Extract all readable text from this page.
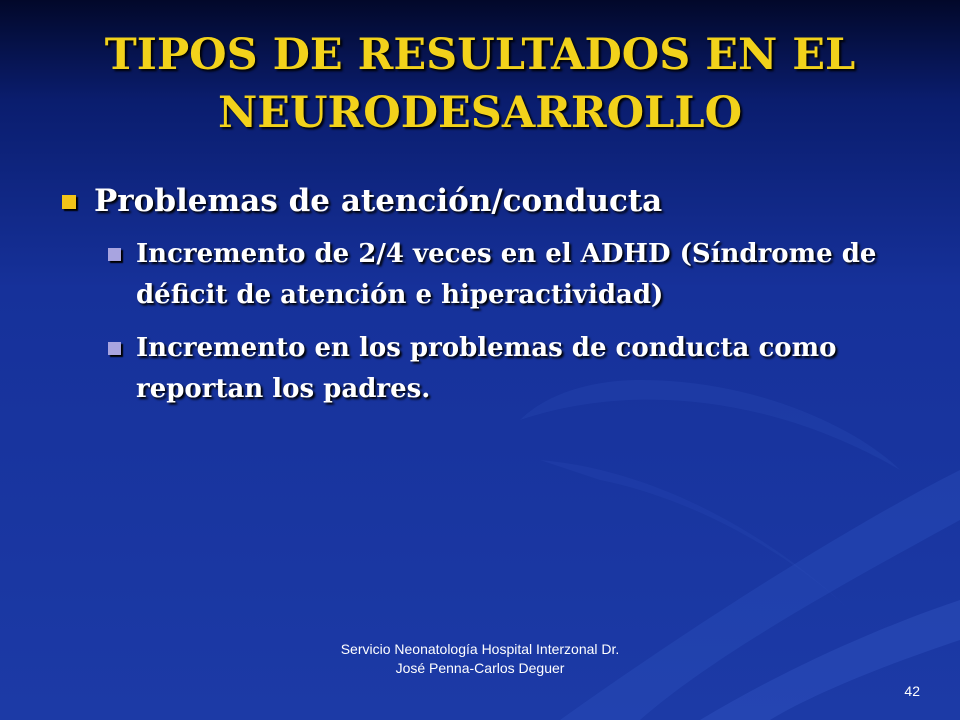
TIPOS DE RESULTADOS EN EL
NEURODESARROLLO
Problemas de atención/conducta
Incremento de 2/4 veces en el ADHD (Síndrome de déficit de atención e hiperactividad)
Incremento en los problemas de conducta como reportan los padres.
Servicio Neonatología Hospital Interzonal Dr. José Penna-Carlos Deguer
42
